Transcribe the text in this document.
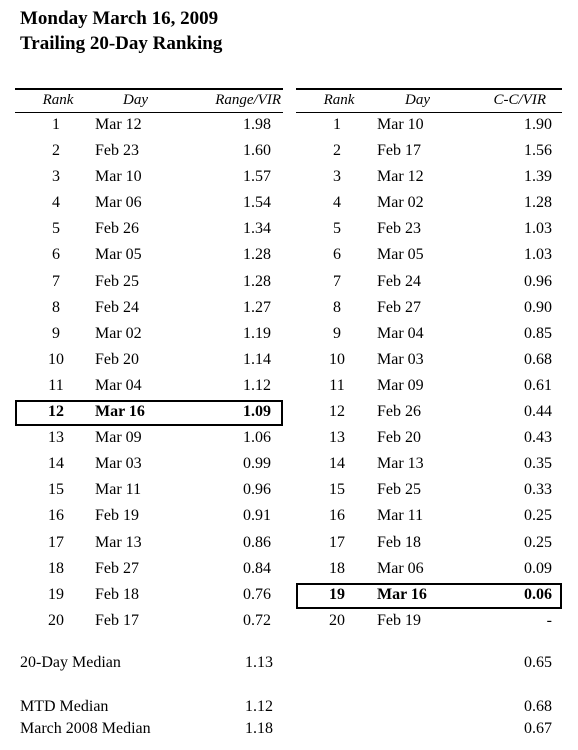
Monday March 16, 2009
Trailing 20-Day Ranking
Rank	Day	Range/VIR
1	Mar 12	1.98
2	Feb 23	1.60
3	Mar 10	1.57
4	Mar 06	1.54
5	Feb 26	1.34
6	Mar 05	1.28
7	Feb 25	1.28
8	Feb 24	1.27
9	Mar 02	1.19
10	Feb 20	1.14
11	Mar 04	1.12
12	Mar 16	1.09
13	Mar 09	1.06
14	Mar 03	0.99
15	Mar 11	0.96
16	Feb 19	0.91
17	Mar 13	0.86
18	Feb 27	0.84
19	Feb 18	0.76
20	Feb 17	0.72
Rank	Day	C-C/VIR
1	Mar 10	1.90
2	Feb 17	1.56
3	Mar 12	1.39
4	Mar 02	1.28
5	Feb 23	1.03
6	Mar 05	1.03
7	Feb 24	0.96
8	Feb 27	0.90
9	Mar 04	0.85
10	Mar 03	0.68
11	Mar 09	0.61
12	Feb 26	0.44
13	Feb 20	0.43
14	Mar 13	0.35
15	Feb 25	0.33
16	Mar 11	0.25
17	Feb 18	0.25
18	Mar 06	0.09
19	Mar 16	0.06
20	Feb 19	-
20-Day Median	1.13	0.65
MTD Median	1.12	0.68
March 2008 Median	1.18	0.67
